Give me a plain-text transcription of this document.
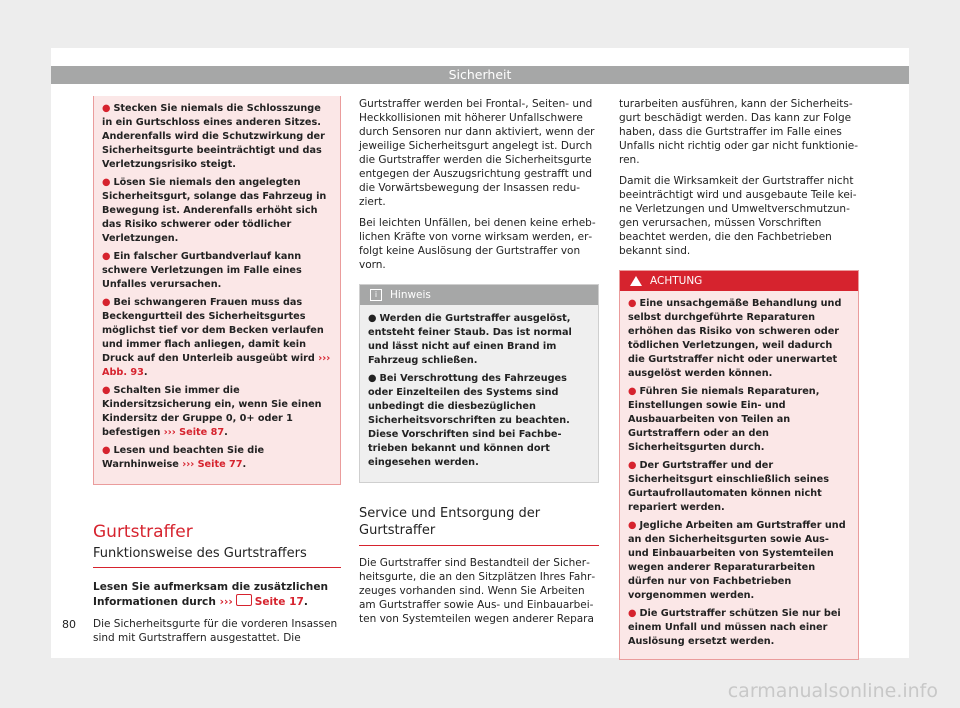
Sicherheit
● Stecken Sie niemals die Schlosszunge in ein Gurtschloss eines anderen Sitzes. Anderenfalls wird die Schutzwirkung der Sicherheitsgurte beeinträchtigt und das Verletzungsrisiko steigt.
● Lösen Sie niemals den angelegten Sicherheitsgurt, solange das Fahrzeug in Bewegung ist. Anderenfalls erhöht sich das Risiko schwerer oder tödlicher Verletzungen.
● Ein falscher Gurtbandverlauf kann schwere Verletzungen im Falle eines Unfalles verursachen.
● Bei schwangeren Frauen muss das Beckengurtteil des Sicherheitsgurtes möglichst tief vor dem Becken verlaufen und immer flach anliegen, damit kein Druck auf den Unterleib ausgeübt wird ››› Abb. 93.
● Schalten Sie immer die Kindersitzsicherung ein, wenn Sie einen Kindersitz der Gruppe 0, 0+ oder 1 befestigen ››› Seite 87.
● Lesen und beachten Sie die Warnhinweise ››› Seite 77.
Gurtstraffer
Funktionsweise des Gurtstraffers
Lesen Sie aufmerksam die zusätzlichen Informationen durch ››› Seite 17.

Die Sicherheitsgurte für die vorderen Insassen sind mit Gurtstraffern ausgestattet. Die

Gurtstraffer werden bei Frontal-, Seiten- und Heckkollisionen mit höherer Unfallschwere durch Sensoren nur dann aktiviert, wenn der jeweilige Sicherheitsgurt angelegt ist. Durch die Gurtstraffer werden die Sicherheitsgurte entgegen der Auszugsrichtung gestrafft und die Vorwärtsbewegung der Insassen reduziert.

Bei leichten Unfällen, bei denen keine erheblichen Kräfte von vorne wirksam werden, erfolgt keine Auslösung der Gurtstraffer von vorn.

i	Hinweis
● Werden die Gurtstraffer ausgelöst, entsteht feiner Staub. Das ist normal und lässt nicht auf einen Brand im Fahrzeug schließen.
● Bei Verschrottung des Fahrzeuges oder Einzelteilen des Systems sind unbedingt die diesbezüglichen Sicherheitsvorschriften zu beachten. Diese Vorschriften sind bei Fachbetrieben bekannt und können dort eingesehen werden.
Service und Entsorgung der Gurtstraffer

Die Gurtstraffer sind Bestandteil der Sicherheitsgurte, die an den Sitzplätzen Ihres Fahrzeuges vorhanden sind. Wenn Sie Arbeiten am Gurtstraffer sowie Aus- und Einbauarbeiten von Systemteilen wegen anderer Repara

turarbeiten ausführen, kann der Sicherheitsgurt beschädigt werden. Das kann zur Folge haben, dass die Gurtstraffer im Falle eines Unfalls nicht richtig oder gar nicht funktionieren.

Damit die Wirksamkeit der Gurtstraffer nicht beeinträchtigt wird und ausgebaute Teile keine Verletzungen und Umweltverschmutzungen verursachen, müssen Vorschriften beachtet werden, die den Fachbetrieben bekannt sind.

ACHTUNG
● Eine unsachgemäße Behandlung und selbst durchgeführte Reparaturen erhöhen das Risiko von schweren oder tödlichen Verletzungen, weil dadurch die Gurtstraffer nicht oder unerwartet ausgelöst werden können.
● Führen Sie niemals Reparaturen, Einstellungen sowie Ein- und Ausbauarbeiten von Teilen an Gurtstraffern oder an den Sicherheitsgurten durch.
● Der Gurtstraffer und der Sicherheitsgurt einschließlich seines Gurtaufrollautomaten können nicht repariert werden.
● Jegliche Arbeiten am Gurtstraffer und an den Sicherheitsgurten sowie Aus- und Einbauarbeiten von Systemteilen wegen anderer Reparaturarbeiten dürfen nur von Fachbetrieben vorgenommen werden.
● Die Gurtstraffer schützen Sie nur bei einem Unfall und müssen nach einer Auslösung ersetzt werden.
80
carmanualsonline.info
